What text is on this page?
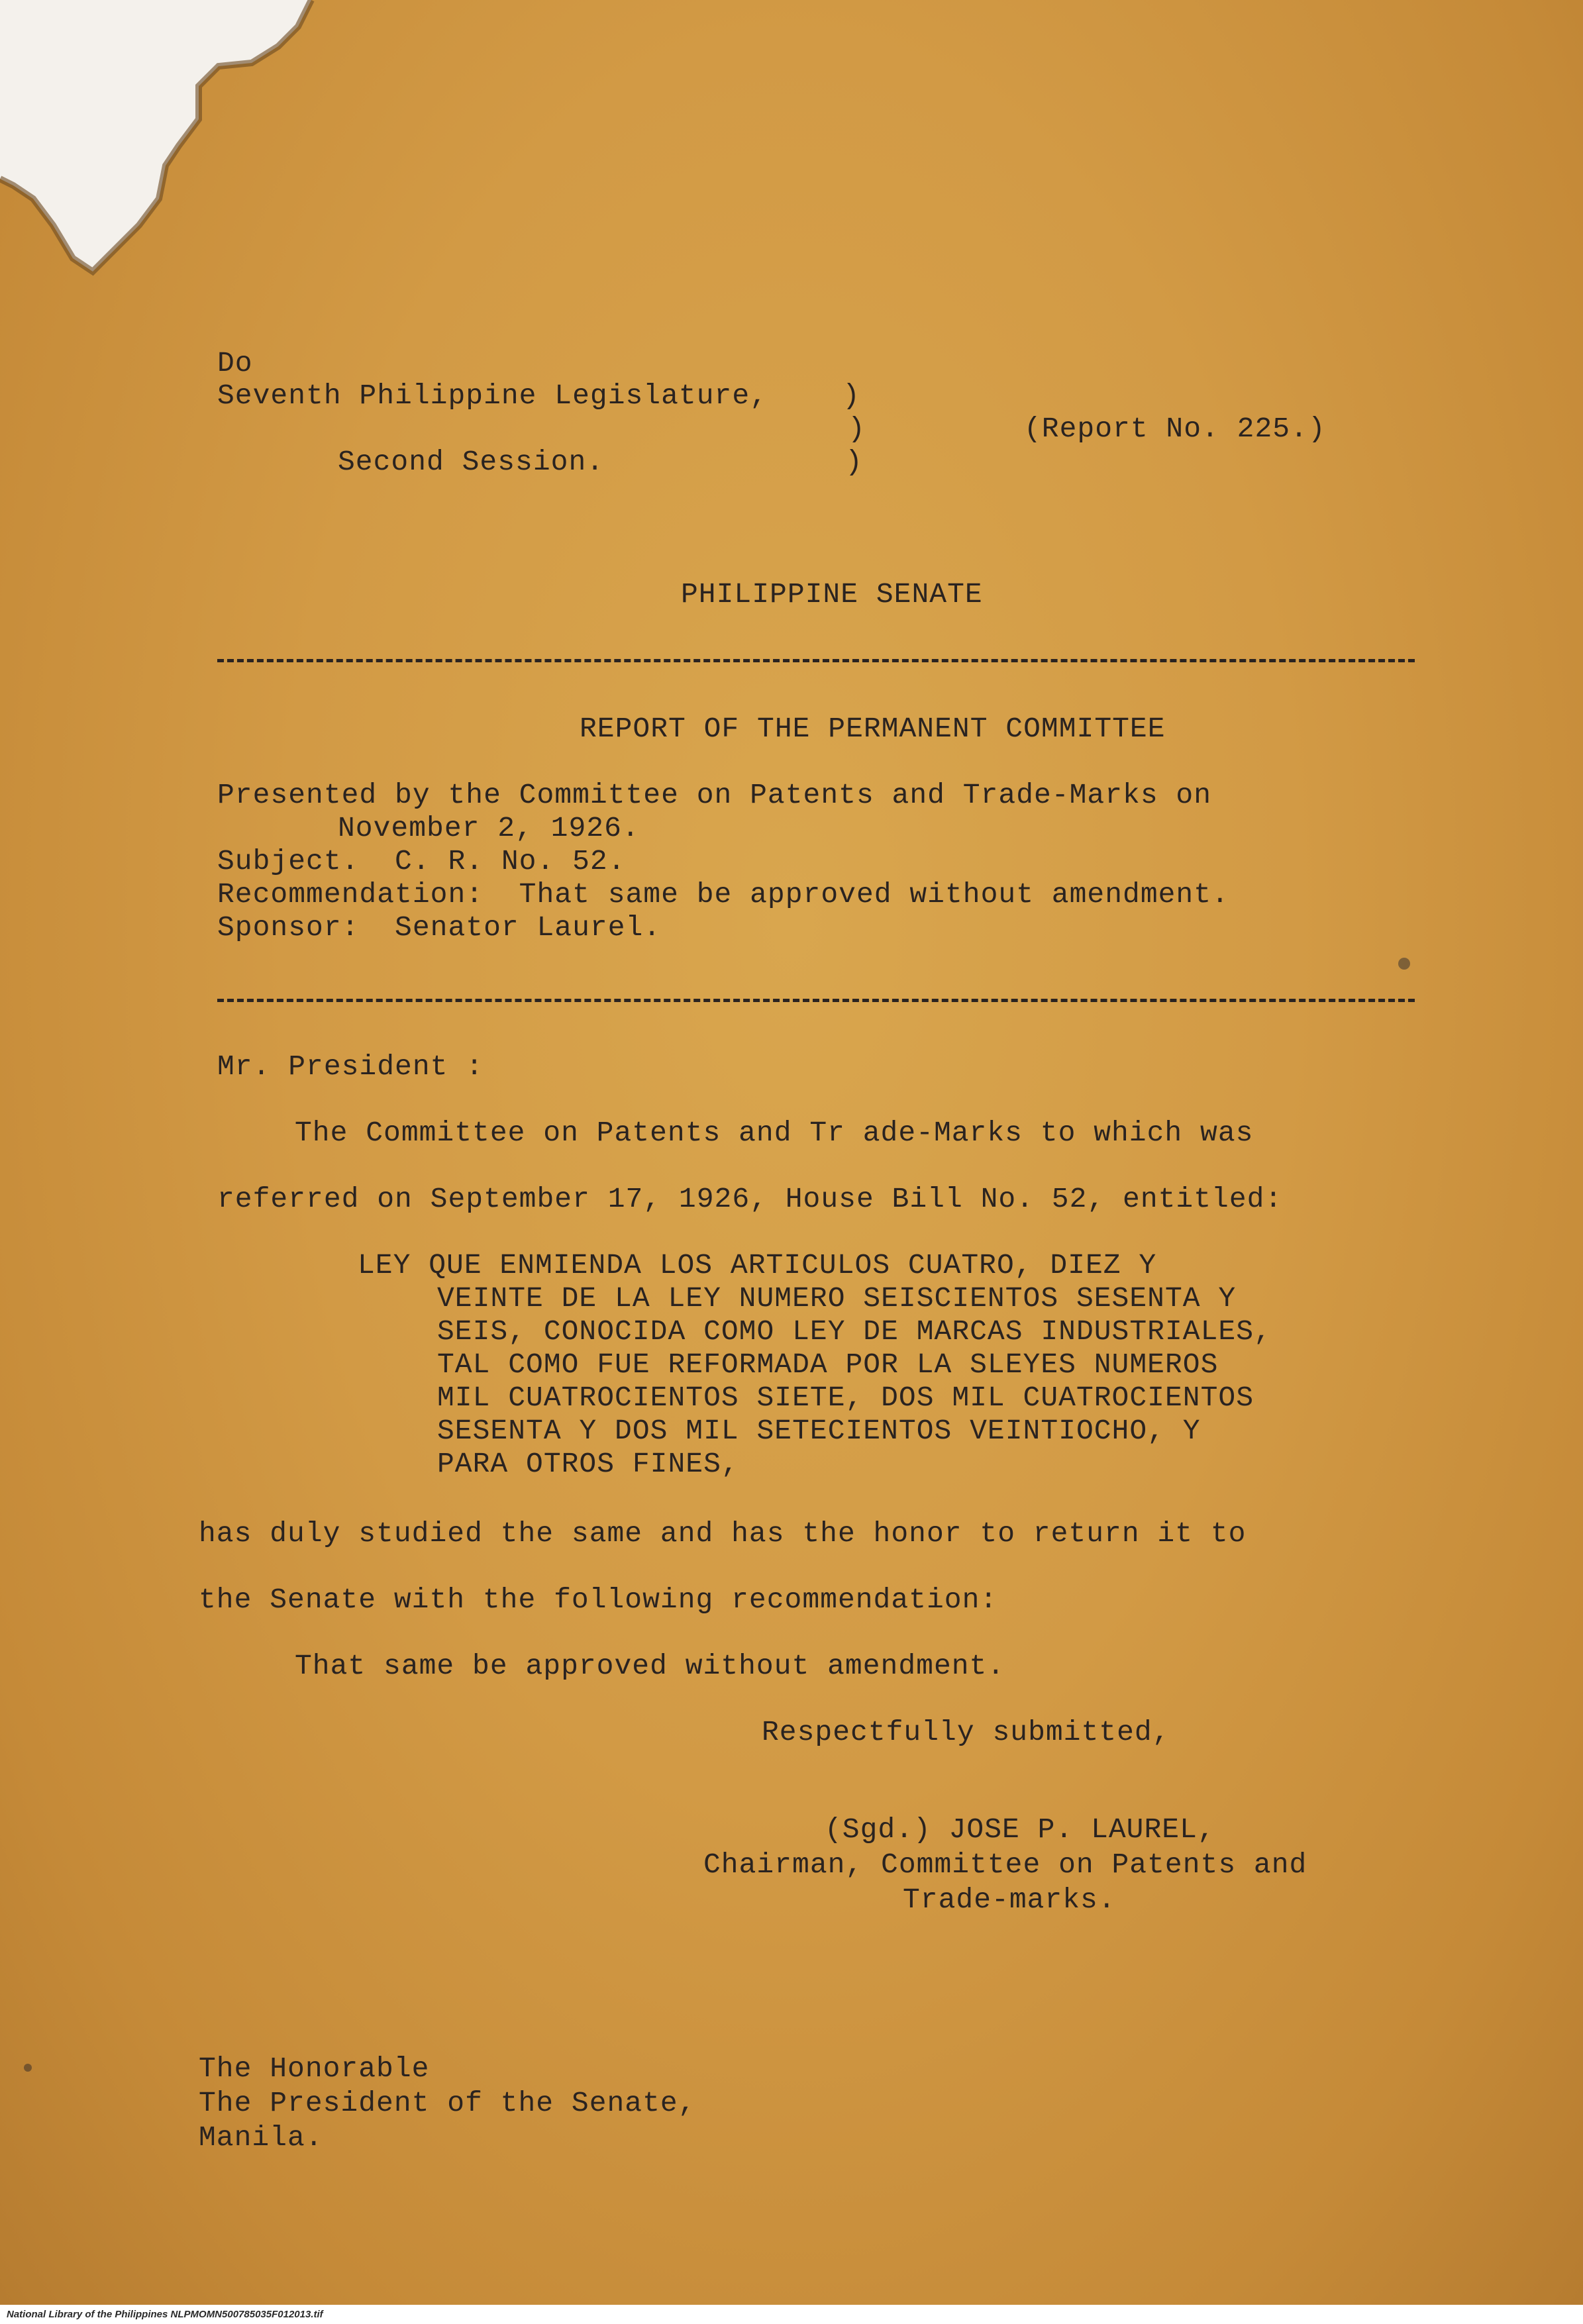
Do
Seventh Philippine Legislature,	)
)
)
Second Session.
(Report No. 225.)
PHILIPPINE SENATE
REPORT OF THE PERMANENT COMMITTEE
Presented by the Committee on Patents and Trade-Marks on
November 2, 1926.
Subject.  C. R. No. 52.
Recommendation:  That same be approved without amendment.
Sponsor:  Senator Laurel.
Mr. President :
The Committee on Patents and Tr ade-Marks to which was
referred on September 17, 1926, House Bill No. 52, entitled:
LEY QUE ENMIENDA LOS ARTICULOS CUATRO, DIEZ Y
VEINTE DE LA LEY NUMERO SEISCIENTOS SESENTA Y
SEIS, CONOCIDA COMO LEY DE MARCAS INDUSTRIALES,
TAL COMO FUE REFORMADA POR LA SLEYES NUMEROS
MIL CUATROCIENTOS SIETE, DOS MIL CUATROCIENTOS
SESENTA Y DOS MIL SETECIENTOS VEINTIOCHO, Y
PARA OTROS FINES,
has duly studied the same and has the honor to return it to
the Senate with the following recommendation:
That same be approved without amendment.
Respectfully submitted,
(Sgd.) JOSE P. LAUREL,
Chairman, Committee on Patents and
Trade-marks.
The Honorable
The President of the Senate,
Manila.
National Library of the Philippines NLPMOMN500785035F012013.tif
